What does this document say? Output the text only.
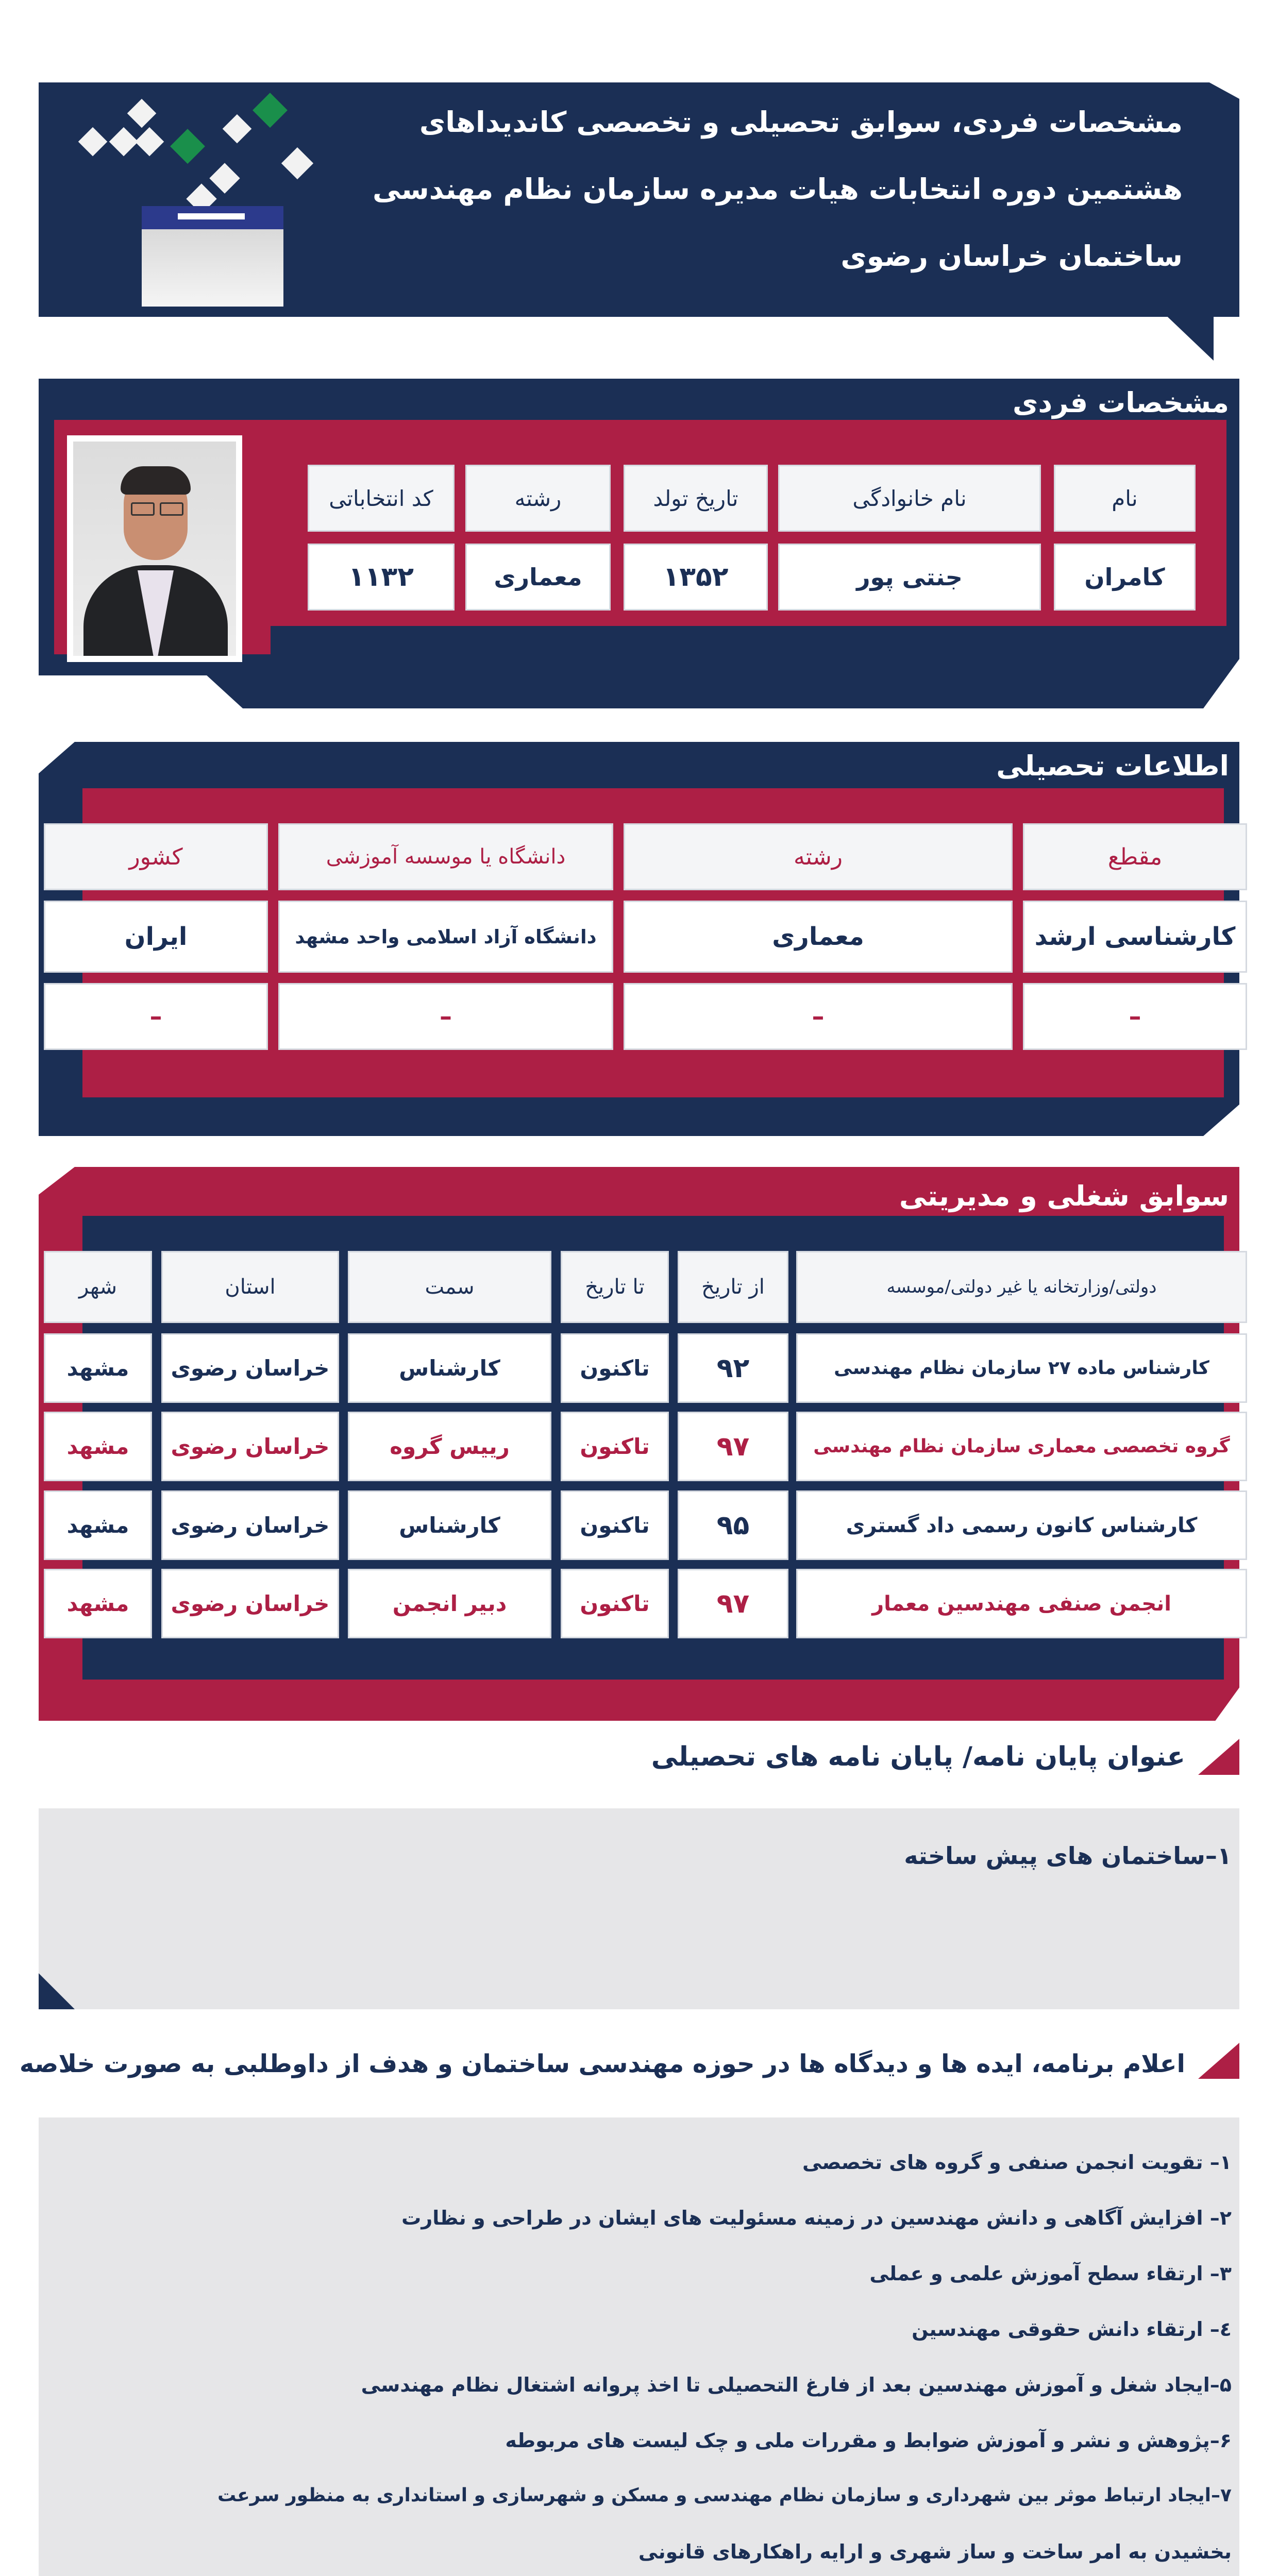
مشخصات فردی، سوابق تحصیلی و تخصصی کاندیداهای
هشتمین دوره انتخابات هیات مدیره سازمان نظام مهندسی
ساختمان خراسان رضوی
مشخصات فردی
نام
نام خانوادگی
تاریخ تولد
رشته
کد انتخاباتی
کامران
جنتی پور
۱۳۵۲
معماری
۱۱۳۲
اطلاعات تحصیلی
مقطع
رشته
دانشگاه یا موسسه آموزشی
کشور
کارشناسی ارشد
معماری
دانشگاه آزاد اسلامی واحد مشهد
ایران
–
–
–
–
سوابق شغلی و مدیریتی
دولتی/وزارتخانه یا غیر دولتی/موسسه
از تاریخ
تا تاریخ
سمت
استان
شهر
کارشناس ماده ۲۷ سازمان نظام مهندسی
۹۲
تاکنون
کارشناس
خراسان رضوی
مشهد
گروه تخصصی معماری سازمان نظام مهندسی
۹۷
تاکنون
رییس گروه
خراسان رضوی
مشهد
کارشناس کانون رسمی داد گستری
۹۵
تاکنون
کارشناس
خراسان رضوی
مشهد
انجمن صنفی مهندسین معمار
۹۷
تاکنون
دبیر انجمن
خراسان رضوی
مشهد
عنوان پایان نامه/ پایان نامه های تحصیلی
۱–ساختمان های پیش ساخته
اعلام برنامه، ایده ها و دیدگاه ها در حوزه مهندسی ساختمان و هدف از داوطلبی به صورت خلاصه
۱– تقویت انجمن صنفی و گروه های تخصصی
۲– افزایش آگاهی و دانش مهندسین در زمینه مسئولیت های ایشان در طراحی و نظارت
۳– ارتقاء سطح آموزش علمی و عملی
٤– ارتقاء دانش حقوقی مهندسین
۵–ایجاد شغل و آموزش مهندسین بعد از فارغ التحصیلی تا اخذ پروانه اشتغال نظام مهندسی
۶–پژوهش و نشر و آموزش ضوابط و مقررات ملی و چک لیست های مربوطه
۷–ایجاد ارتباط موثر بین شهرداری و سازمان نظام مهندسی و مسکن و شهرسازی و استانداری به منظور سرعت
بخشیدن به امر ساخت و ساز شهری و ارایه راهکارهای قانونی
